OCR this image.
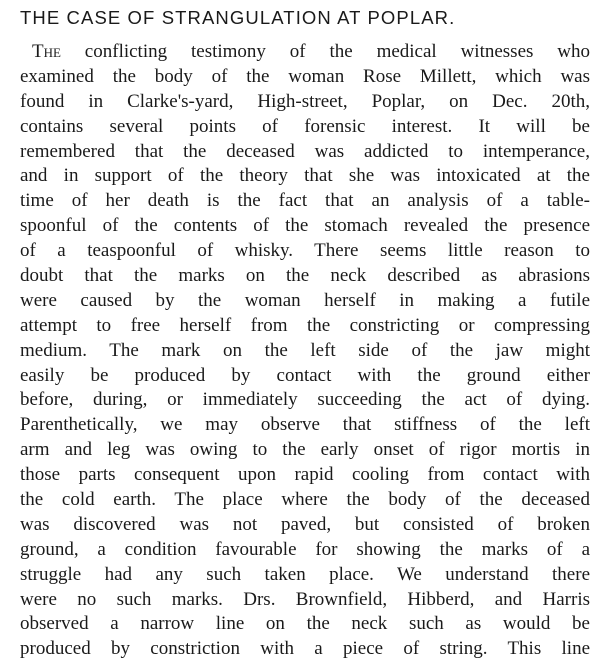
THE CASE OF STRANGULATION AT POPLAR.
The conflicting testimony of the medical witnesses who
examined the body of the woman Rose Millett, which was
found in Clarke's-yard, High-street, Poplar, on Dec. 20th,
contains several points of forensic interest. It will be
remembered that the deceased was addicted to intemperance,
and in support of the theory that she was intoxicated at the
time of her death is the fact that an analysis of a table-
spoonful of the contents of the stomach revealed the presence
of a teaspoonful of whisky. There seems little reason to
doubt that the marks on the neck described as abrasions
were caused by the woman herself in making a futile
attempt to free herself from the constricting or compressing
medium. The mark on the left side of the jaw might
easily be produced by contact with the ground either
before, during, or immediately succeeding the act of dying.
Parenthetically, we may observe that stiffness of the left
arm and leg was owing to the early onset of rigor mortis in
those parts consequent upon rapid cooling from contact with
the cold earth. The place where the body of the deceased
was discovered was not paved, but consisted of broken
ground, a condition favourable for showing the marks of a
struggle had any such taken place. We understand there
were no such marks. Drs. Brownfield, Hibberd, and Harris
observed a narrow line on the neck such as would be
produced by constriction with a piece of string. This line
